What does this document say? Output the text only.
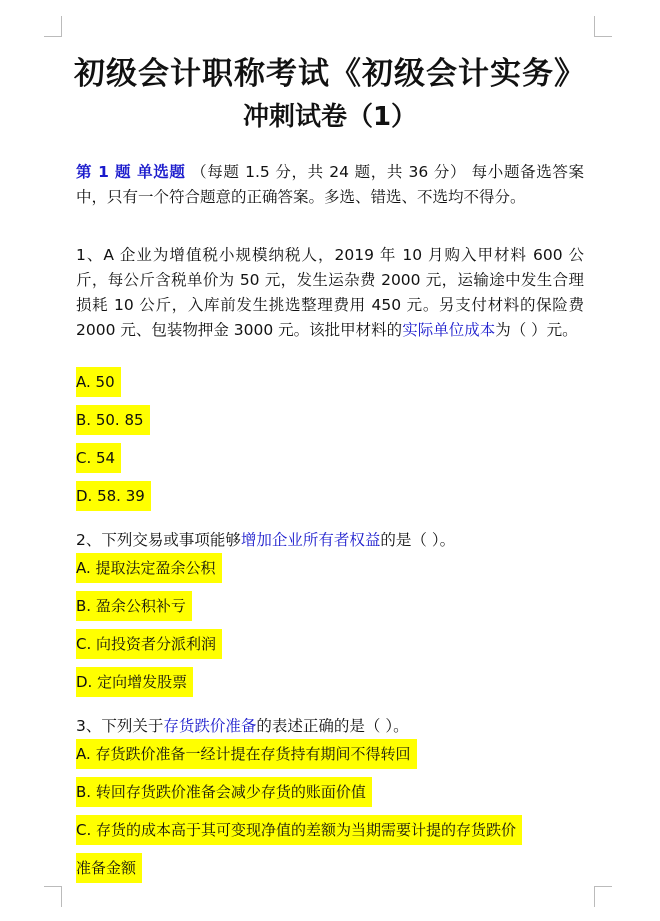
初级会计职称考试《初级会计实务》
冲刺试卷（1）
第 1 题 单选题 （每题 1.5 分，共 24 题，共 36 分） 每小题备选答案中，只有一个符合题意的正确答案。多选、错选、不选均不得分。
1、A 企业为增值税小规模纳税人，2019 年 10 月购入甲材料 600 公斤，每公斤含税单价为 50 元，发生运杂费 2000 元，运输途中发生合理损耗 10 公斤，入库前发生挑选整理费用 450 元。另支付材料的保险费 2000 元、包装物押金 3000 元。该批甲材料的实际单位成本为（ ）元。
A. 50
B. 50. 85
C. 54
D. 58. 39
2、下列交易或事项能够增加企业所有者权益的是（ ）。
A. 提取法定盈余公积
B. 盈余公积补亏
C. 向投资者分派利润
D. 定向增发股票
3、下列关于存货跌价准备的表述正确的是（ ）。
A. 存货跌价准备一经计提在存货持有期间不得转回
B. 转回存货跌价准备会减少存货的账面价值
C. 存货的成本高于其可变现净值的差额为当期需要计提的存货跌价
准备金额
